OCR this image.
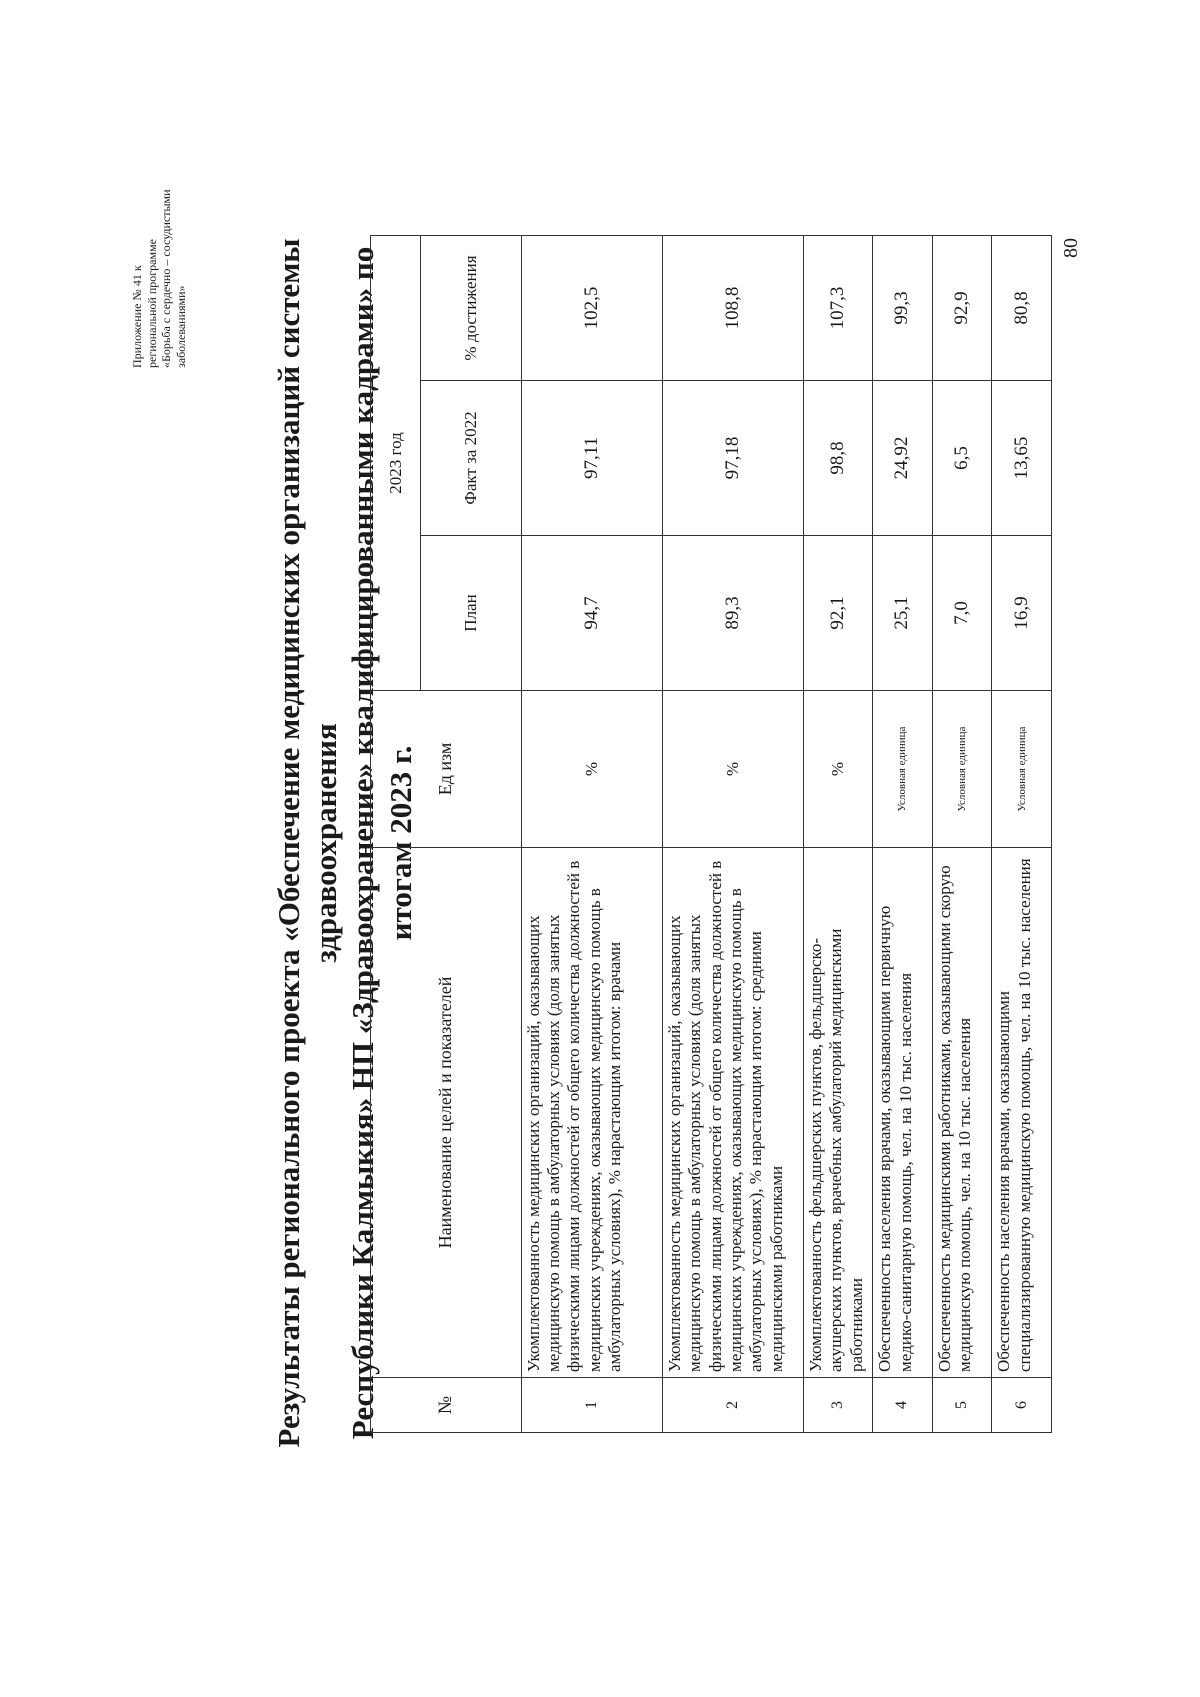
Приложение № 41 к региональной программе «Борьба с сердечно – сосудистыми заболеваниями»	Результаты регионального проекта «Обеспечение медицинских организаций системы здравоохранения Республики Калмыкия» НП «Здравоохранение» квалифицированными кадрами» по итогам 2023 г.
№	Наименование целей и показателей	Ед изм	2023 год		
			План	Факт за 2022	% достижения
1	Укомплектованность медицинских организаций, оказывающих медицинскую помощь в амбулаторных условиях (доля занятых физическими лицами должностей от общего количества должностей в медицинских учреждениях, оказывающих медицинскую помощь в амбулаторных условиях), % нарастающим итогом: врачами	%	94,7	97,11	102,5
2	Укомплектованность медицинских организаций, оказывающих медицинскую помощь в амбулаторных условиях (доля занятых физическими лицами должностей от общего количества должностей в медицинских учреждениях, оказывающих медицинскую помощь в амбулаторных условиях), % нарастающим итогом: средними медицинскими работниками	%	89,3	97,18	108,8
3	Укомплектованность фельдшерских пунктов, фельдшерско-акушерских пунктов, врачебных амбулаторий медицинскими работниками	%	92,1	98,8	107,3
4	Обеспеченность населения врачами, оказывающими первичную медико-санитарную помощь, чел. на 10 тыс. населения	Условная единица	25,1	24,92	99,3
5	Обеспеченность медицинскими работниками, оказывающими скорую медицинскую помощь, чел. на 10 тыс. населения	Условная единица	7,0	6,5	92,9
6	Обеспеченность населения врачами, оказывающими специализированную медицинскую помощь, чел. на 10 тыс. населения	Условная единица	16,9	13,65	80,8
80
